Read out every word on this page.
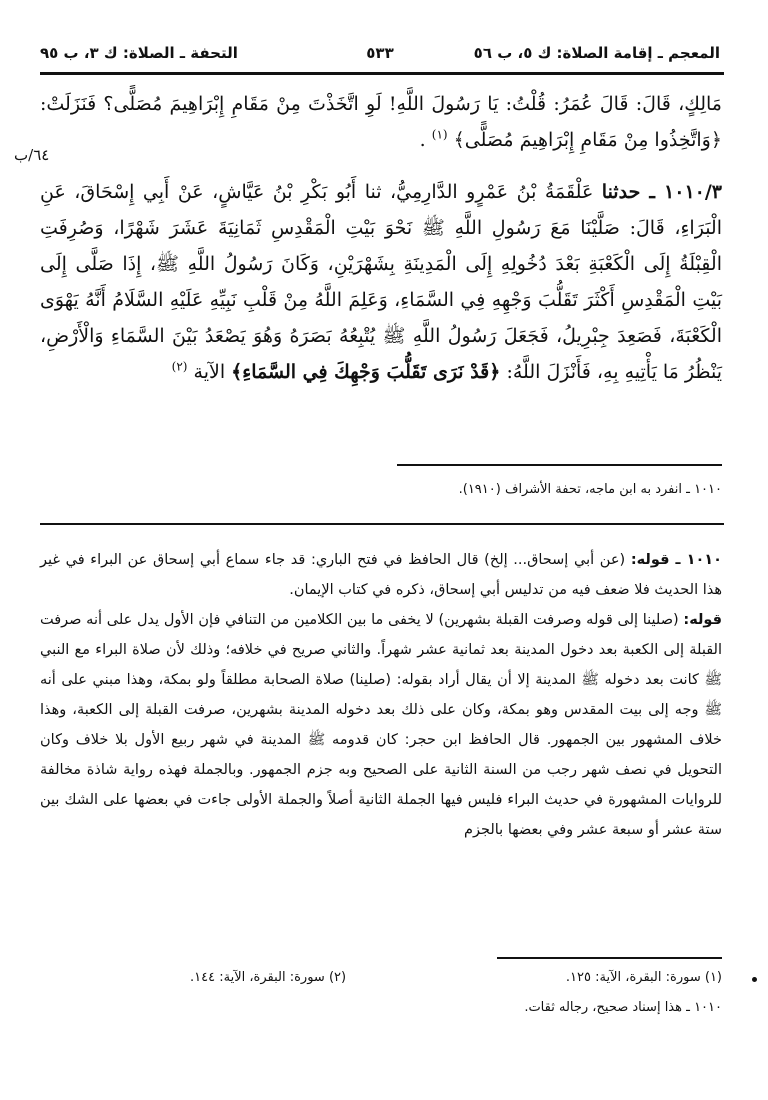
المعجم ـ إقامة الصلاة: ك ٥، ب ٥٦
٥٣٣
التحفة ـ الصلاة: ك ٣، ب ٩٥
٦٤/ب

مَالِكٍ، قَالَ: قَالَ عُمَرُ: قُلْتُ: يَا رَسُولَ اللَّهِ! لَوِ اتَّخَذْتَ مِنْ مَقَامِ إِبْرَاهِيمَ مُصَلًّى؟ فَنَزَلَتْ: ﴿وَاتَّخِذُوا مِنْ مَقَامِ إِبْرَاهِيمَ مُصَلًّى﴾ $^{(١)}$ .

١٠١٠/٣ ـ حدثنا عَلْقَمَةُ بْنُ عَمْرٍو الدَّارِمِيُّ، ثنا أَبُو بَكْرِ بْنُ عَيَّاشٍ، عَنْ أَبِي إِسْحَاقَ، عَنِ الْبَرَاءِ، قَالَ: صَلَّيْنَا مَعَ رَسُولِ اللَّهِ ﷺ نَحْوَ بَيْتِ الْمَقْدِسِ ثَمَانِيَةَ عَشَرَ شَهْرًا، وَصُرِفَتِ الْقِبْلَةُ إِلَى الْكَعْبَةِ بَعْدَ دُخُولِهِ إِلَى الْمَدِينَةِ بِشَهْرَيْنِ، وَكَانَ رَسُولُ اللَّهِ ﷺ، إِذَا صَلَّى إِلَى بَيْتِ الْمَقْدِسِ أَكْثَرَ تَقَلُّبَ وَجْهِهِ فِي السَّمَاءِ، وَعَلِمَ اللَّهُ مِنْ قَلْبِ نَبِيِّهِ عَلَيْهِ السَّلَامُ أَنَّهُ يَهْوَى الْكَعْبَةَ، فَصَعِدَ جِبْرِيلُ، فَجَعَلَ رَسُولُ اللَّهِ ﷺ يُتْبِعُهُ بَصَرَهُ وَهُوَ يَصْعَدُ بَيْنَ السَّمَاءِ وَالْأَرْضِ، يَنْظُرُ مَا يَأْتِيهِ بِهِ، فَأَنْزَلَ اللَّهُ: ﴿قَدْ نَرَى تَقَلُّبَ وَجْهِكَ فِي السَّمَاءِ﴾ الآية $^{(٢)}$

١٠١٠ ـ انفرد به ابن ماجه، تحفة الأشراف (١٩١٠).

١٠١٠ ـ قوله: (عن أبي إسحاق... إلخ) قال الحافظ في فتح الباري: قد جاء سماع أبي إسحاق عن البراء في غير هذا الحديث فلا ضعف فيه من تدليس أبي إسحاق، ذكره في كتاب الإيمان.

قوله: (صلينا إلى قوله وصرفت القبلة بشهرين) لا يخفى ما بين الكلامين من التنافي فإن الأول يدل على أنه صرفت القبلة إلى الكعبة بعد دخول المدينة بعد ثمانية عشر شهراً. والثاني صريح في خلافه؛ وذلك لأن صلاة البراء مع النبي ﷺ كانت بعد دخوله ﷺ المدينة إلا أن يقال أراد بقوله: (صلينا) صلاة الصحابة مطلقاً ولو بمكة، وهذا مبني على أنه ﷺ وجه إلى بيت المقدس وهو بمكة، وكان على ذلك بعد دخوله المدينة بشهرين، صرفت القبلة إلى الكعبة، وهذا خلاف المشهور بين الجمهور. قال الحافظ ابن حجر: كان قدومه ﷺ المدينة في شهر ربيع الأول بلا خلاف وكان التحويل في نصف شهر رجب من السنة الثانية على الصحيح وبه جزم الجمهور. وبالجملة فهذه رواية شاذة مخالفة للروايات المشهورة في حديث البراء فليس فيها الجملة الثانية أصلاً والجملة الأولى جاءت في بعضها على الشك بين ستة عشر أو سبعة عشر وفي بعضها بالجزم

(١) سورة: البقرة، الآية: ١٢٥.
(٢) سورة: البقرة، الآية: ١٤٤.
١٠١٠ ـ هذا إسناد صحيح، رجاله ثقات.
